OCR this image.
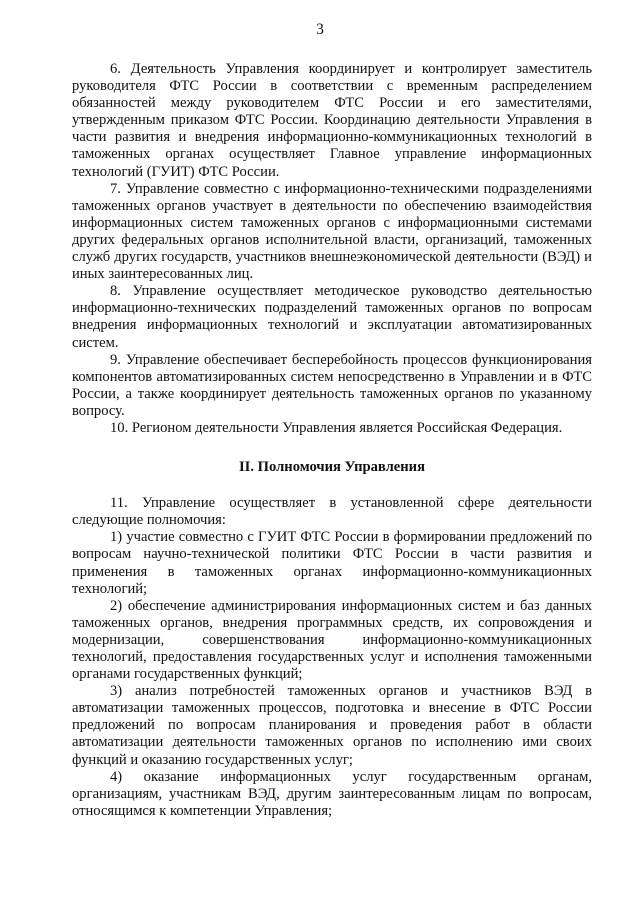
3

6. Деятельность Управления координирует и контролирует заместитель руководителя ФТС России в соответствии с временным распределением обязанностей между руководителем ФТС России и его заместителями, утвержденным приказом ФТС России. Координацию деятельности Управления в части развития и внедрения информационно-коммуникационных технологий в таможенных органах осуществляет Главное управление информационных технологий (ГУИТ) ФТС России.

7. Управление совместно с информационно-техническими подразделениями таможенных органов участвует в деятельности по обеспечению взаимодействия информационных систем таможенных органов с информационными системами других федеральных органов исполнительной власти, организаций, таможенных служб других государств, участников внешнеэкономической деятельности (ВЭД) и иных заинтересованных лиц.

8. Управление осуществляет методическое руководство деятельностью информационно-технических подразделений таможенных органов по вопросам внедрения информационных технологий и эксплуатации автоматизированных систем.

9. Управление обеспечивает бесперебойность процессов функционирования компонентов автоматизированных систем непосредственно в Управлении и в ФТС России, а также координирует деятельность таможенных органов по указанному вопросу.

10. Регионом деятельности Управления является Российская Федерация.

II. Полномочия Управления

11. Управление осуществляет в установленной сфере деятельности следующие полномочия:

1) участие совместно с ГУИТ ФТС России в формировании предложений по вопросам научно-технической политики ФТС России в части развития и применения в таможенных органах информационно-коммуникационных технологий;

2) обеспечение администрирования информационных систем и баз данных таможенных органов, внедрения программных средств, их сопровождения и модернизации, совершенствования информационно-коммуникационных технологий, предоставления государственных услуг и исполнения таможенными органами государственных функций;

3) анализ потребностей таможенных органов и участников ВЭД в автоматизации таможенных процессов, подготовка и внесение в ФТС России предложений по вопросам планирования и проведения работ в области автоматизации деятельности таможенных органов по исполнению ими своих функций и оказанию государственных услуг;

4) оказание информационных услуг государственным органам, организациям, участникам ВЭД, другим заинтересованным лицам по вопросам, относящимся к компетенции Управления;
